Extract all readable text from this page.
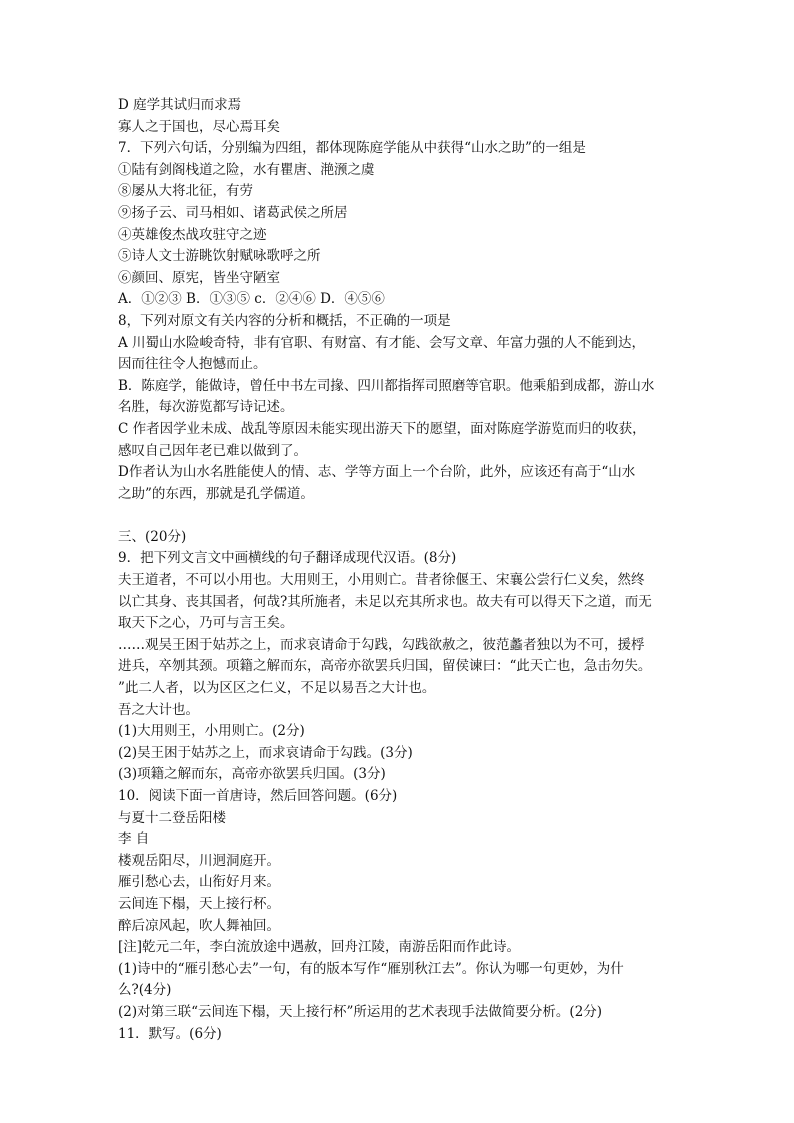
D 庭学其试归而求焉
寡人之于国也，尽心焉耳矣
7．下列六句话，分别编为四组，都体现陈庭学能从中获得“山水之助”的一组是
①陆有剑阁栈道之险，水有瞿唐、滟滪之虞
⑧屡从大将北征，有劳
⑨扬子云、司马相如、诸葛武侯之所居
④英雄俊杰战攻驻守之迹
⑤诗人文士游眺饮射赋咏歌呼之所
⑥颜回、原宪，皆坐守陋室
A．①②③ B．①③⑤ c．②④⑥ D．④⑤⑥
8，下列对原文有关内容的分析和概括，不正确的一项是
A 川蜀山水险峻奇特，非有官职、有财富、有才能、会写文章、年富力强的人不能到达，
因而往往令人抱憾而止。
B．陈庭学，能做诗，曾任中书左司掾、四川都指挥司照磨等官职。他乘船到成都，游山水
名胜，每次游览都写诗记述。
C 作者因学业未成、战乱等原因未能实现出游天下的愿望，面对陈庭学游览而归的收获，
感叹自己因年老已难以做到了。
D作者认为山水名胜能使人的情、志、学等方面上一个台阶，此外，应该还有高于“山水
之助”的东西，那就是孔学儒道。
三、(20分)
9．把下列文言文中画横线的句子翻译成现代汉语。(8分)
夫王道者，不可以小用也。大用则王，小用则亡。昔者徐偃王、宋襄公尝行仁义矣，然终
以亡其身、丧其国者，何哉?其所施者，未足以充其所求也。故夫有可以得天下之道，而无
取天下之心，乃可与言王矣。
……观吴王困于姑苏之上，而求哀请命于勾践，勾践欲赦之，彼范蠡者独以为不可，援桴
进兵，卒刎其颈。项籍之解而东，高帝亦欲罢兵归国，留侯谏曰：“此天亡也，急击勿失。
”此二人者，以为区区之仁义，不足以易吾之大计也。
吾之大计也。
(1)大用则王，小用则亡。(2分)
(2)吴王困于姑苏之上，而求哀请命于勾践。(3分)
(3)项籍之解而东，高帝亦欲罢兵归国。(3分)
10．阅读下面一首唐诗，然后回答问题。(6分)
与夏十二登岳阳楼
李 自
楼观岳阳尽，川迥洞庭开。
雁引愁心去，山衔好月来。
云间连下榻，天上接行杯。
醉后凉风起，吹人舞袖回。
[注]乾元二年，李白流放途中遇赦，回舟江陵，南游岳阳而作此诗。
(1)诗中的“雁引愁心去”一句，有的版本写作“雁别秋江去”。你认为哪一句更妙，为什
么?(4分)
(2)对第三联“云间连下榻，天上接行杯”所运用的艺术表现手法做简要分析。(2分)
11．默写。(6分)
